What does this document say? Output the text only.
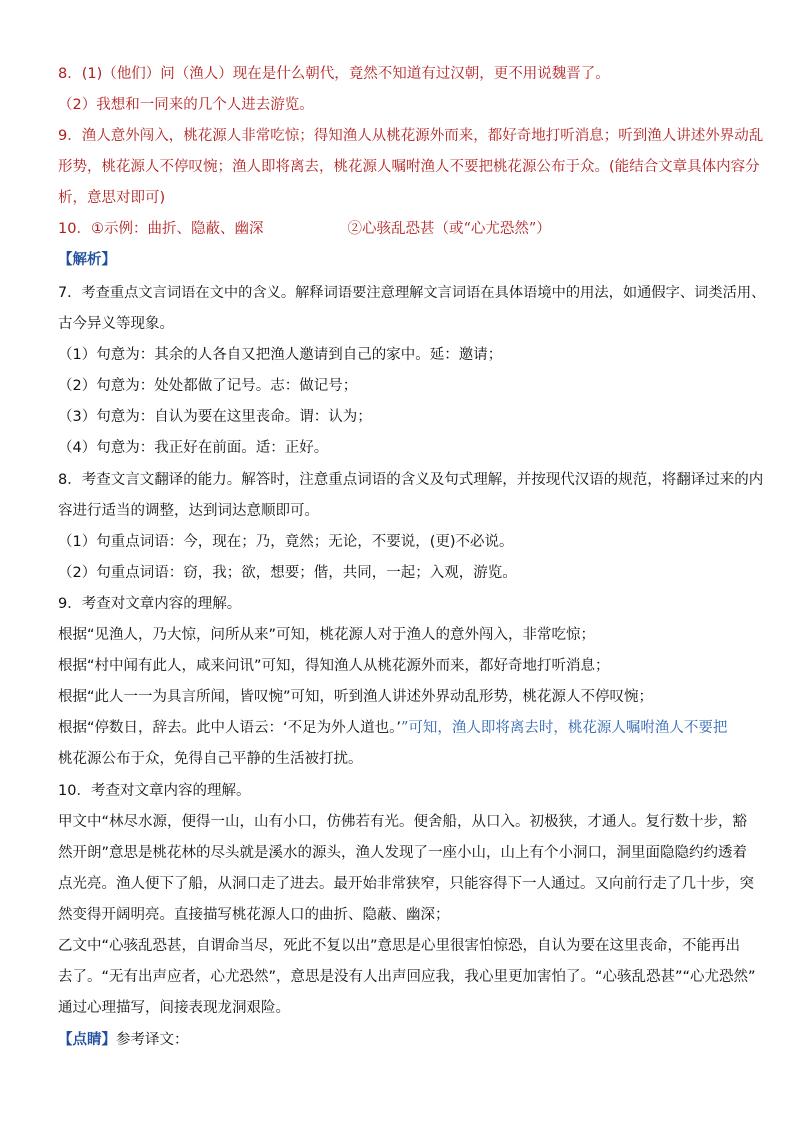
8．(1)（他们）问（渔人）现在是什么朝代，竟然不知道有过汉朝，更不用说魏晋了。

（2）我想和一同来的几个人进去游览。

9．渔人意外闯入，桃花源人非常吃惊；得知渔人从桃花源外而来，都好奇地打听消息；听到渔人讲述外界动乱

形势，桃花源人不停叹惋；渔人即将离去，桃花源人嘱咐渔人不要把桃花源公布于众。(能结合文章具体内容分

析，意思对即可)

10．①示例：曲折、隐蔽、幽深	②心骇乱恐甚（或“心尤恐然”）

【解析】

7．考查重点文言词语在文中的含义。解释词语要注意理解文言词语在具体语境中的用法，如通假字、词类活用、

古今异义等现象。

（1）句意为：其余的人各自又把渔人邀请到自己的家中。延：邀请；

（2）句意为：处处都做了记号。志：做记号；

（3）句意为：自认为要在这里丧命。谓：认为；

（4）句意为：我正好在前面。适：正好。

8．考查文言文翻译的能力。解答时，注意重点词语的含义及句式理解，并按现代汉语的规范，将翻译过来的内

容进行适当的调整，达到词达意顺即可。

（1）句重点词语：今，现在；乃，竟然；无论，不要说，(更)不必说。

（2）句重点词语：窃，我；欲，想要；偕，共同，一起；入观，游览。

9．考查对文章内容的理解。

根据“见渔人，乃大惊，问所从来”可知，桃花源人对于渔人的意外闯入，非常吃惊；

根据“村中闻有此人，咸来问讯”可知，得知渔人从桃花源外而来，都好奇地打听消息；

根据“此人一一为具言所闻，皆叹惋”可知，听到渔人讲述外界动乱形势，桃花源人不停叹惋；

根据“停数日，辞去。此中人语云：‘不足为外人道也。’”可知，渔人即将离去时，桃花源人嘱咐渔人不要把

桃花源公布于众，免得自己平静的生活被打扰。

10．考查对文章内容的理解。

甲文中“林尽水源，便得一山，山有小口，仿佛若有光。便舍船，从口入。初极狭，才通人。复行数十步，豁

然开朗”意思是桃花林的尽头就是溪水的源头，渔人发现了一座小山，山上有个小洞口，洞里面隐隐约约透着

点光亮。渔人便下了船，从洞口走了进去。最开始非常狭窄，只能容得下一人通过。又向前行走了几十步，突

然变得开阔明亮。直接描写桃花源人口的曲折、隐蔽、幽深；

乙文中“心骇乱恐甚，自谓命当尽，死此不复以出”意思是心里很害怕惊恐，自认为要在这里丧命，不能再出

去了。“无有出声应者，心尤恐然”，意思是没有人出声回应我，我心里更加害怕了。“心骇乱恐甚”“心尤恐然”

通过心理描写，间接表现龙洞艰险。

【点睛】参考译文：
